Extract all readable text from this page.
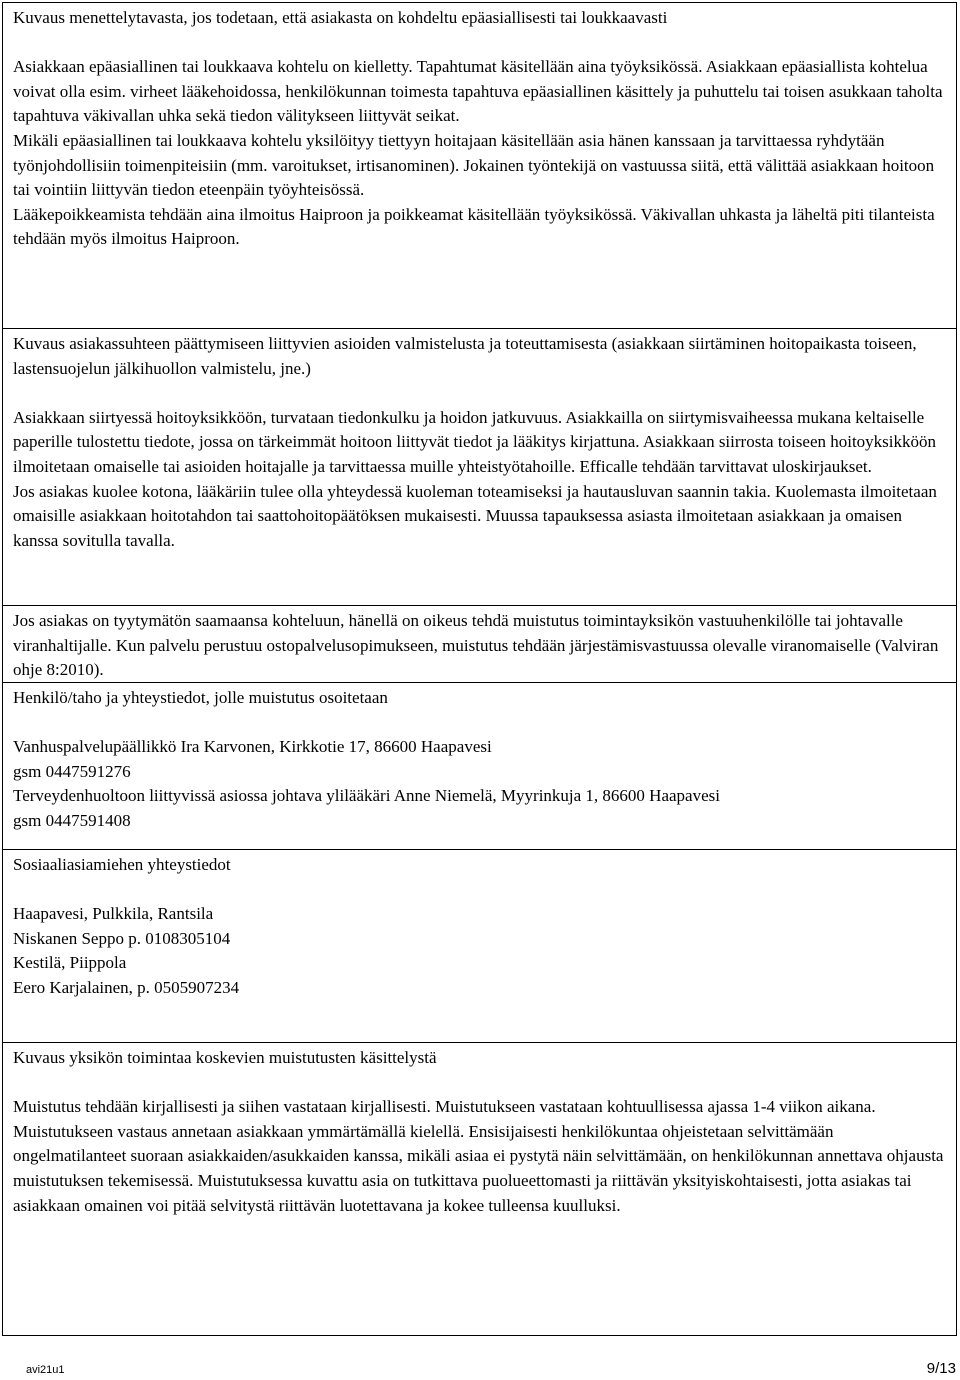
Kuvaus menettelytavasta, jos todetaan, että asiakasta on kohdeltu epäasiallisesti tai loukkaavasti

Asiakkaan epäasiallinen tai loukkaava kohtelu on kielletty. Tapahtumat käsitellään aina työyksikössä. Asiakkaan epäasiallista kohtelua voivat olla esim. virheet lääkehoidossa, henkilökunnan toimesta tapahtuva epäasiallinen käsittely ja puhuttelu tai toisen asukkaan taholta tapahtuva väkivallan uhka sekä tiedon välitykseen liittyvät seikat.

Mikäli epäasiallinen tai loukkaava kohtelu yksilöityy tiettyyn hoitajaan käsitellään asia hänen kanssaan ja tarvittaessa ryhdytään työnjohdollisiin toimenpiteisiin (mm. varoitukset, irtisanominen). Jokainen työntekijä on vastuussa siitä, että välittää asiakkaan hoitoon tai vointiin liittyvän tiedon eteenpäin työyhteisössä.

Lääkepoikkeamista tehdään aina ilmoitus Haiproon ja poikkeamat käsitellään työyksikössä. Väkivallan uhkasta ja läheltä piti tilanteista tehdään myös ilmoitus Haiproon.

Kuvaus asiakassuhteen päättymiseen liittyvien asioiden valmistelusta ja toteuttamisesta (asiakkaan siirtäminen hoitopaikasta toiseen, lastensuojelun jälkihuollon valmistelu, jne.)

Asiakkaan siirtyessä hoitoyksikköön, turvataan tiedonkulku ja hoidon jatkuvuus. Asiakkailla on siirtymisvaiheessa mukana keltaiselle paperille tulostettu tiedote, jossa on tärkeimmät hoitoon liittyvät tiedot ja lääkitys kirjattuna. Asiakkaan siirrosta toiseen hoitoyksikköön ilmoitetaan omaiselle tai asioiden hoitajalle ja tarvittaessa muille yhteistyötahoille. Efficalle tehdään tarvittavat uloskirjaukset.

Jos asiakas kuolee kotona, lääkäriin tulee olla yhteydessä kuoleman toteamiseksi ja hautausluvan saannin takia. Kuolemasta ilmoitetaan omaisille asiakkaan hoitotahdon tai saattohoitopäätöksen mukaisesti. Muussa tapauksessa asiasta ilmoitetaan asiakkaan ja omaisen kanssa sovitulla tavalla.

Jos asiakas on tyytymätön saamaansa kohteluun, hänellä on oikeus tehdä muistutus toimintayksikön vastuuhenkilölle tai johtavalle viranhaltijalle. Kun palvelu perustuu ostopalvelusopimukseen, muistutus tehdään järjestämisvastuussa olevalle viranomaiselle (Valviran ohje 8:2010).

Henkilö/taho ja yhteystiedot, jolle muistutus osoitetaan

Vanhuspalvelupäällikkö Ira Karvonen, Kirkkotie 17, 86600 Haapavesi

gsm 0447591276

Terveydenhuoltoon liittyvissä asiossa johtava ylilääkäri Anne Niemelä, Myyrinkuja 1, 86600 Haapavesi

gsm 0447591408

Sosiaaliasiamiehen yhteystiedot

Haapavesi, Pulkkila, Rantsila

Niskanen Seppo p. 0108305104

Kestilä, Piippola

Eero Karjalainen, p. 0505907234

Kuvaus yksikön toimintaa koskevien muistutusten käsittelystä

Muistutus tehdään kirjallisesti ja siihen vastataan kirjallisesti. Muistutukseen vastataan kohtuullisessa ajassa 1-4 viikon aikana. Muistutukseen vastaus annetaan asiakkaan ymmärtämällä kielellä. Ensisijaisesti henkilökuntaa ohjeistetaan selvittämään ongelmatilanteet suoraan asiakkaiden/asukkaiden kanssa, mikäli asiaa ei pystytä näin selvittämään, on henkilökunnan annettava ohjausta muistutuksen tekemisessä. Muistutuksessa kuvattu asia on tutkittava puolueettomasti ja riittävän yksityiskohtaisesti, jotta asiakas tai asiakkaan omainen voi pitää selvitystä riittävän luotettavana ja kokee tulleensa kuulluksi.

avi21u1	9/13
